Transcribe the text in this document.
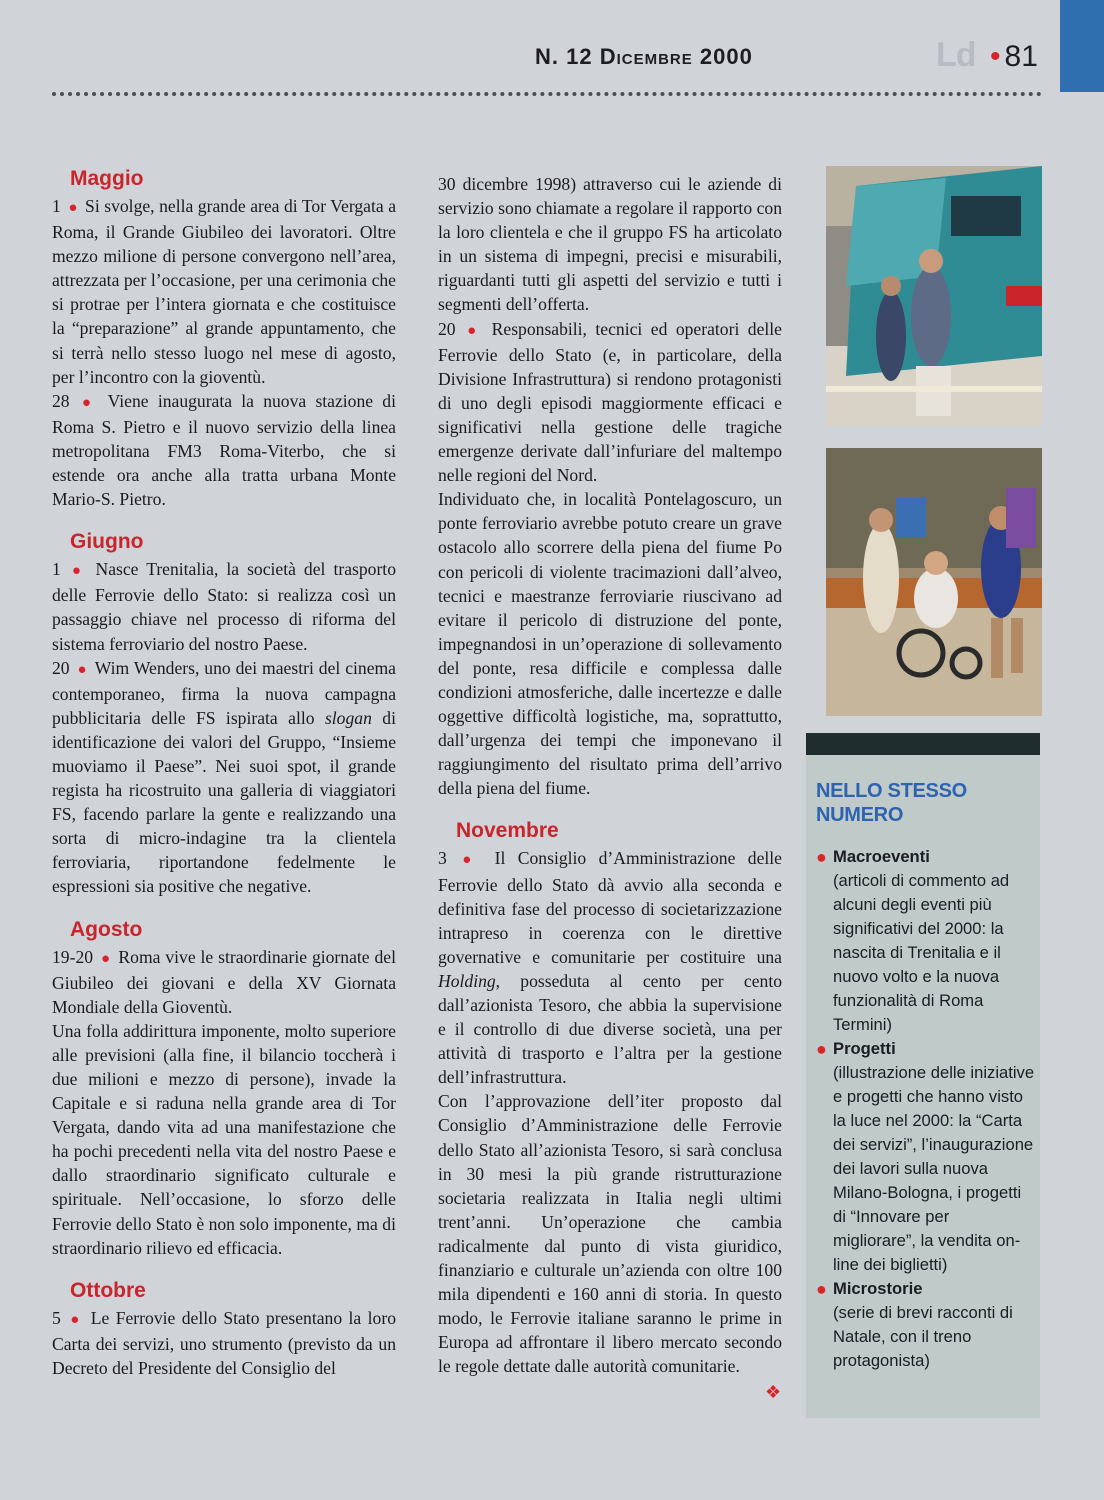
N. 12 Dicembre 2000	Ld • 81
Maggio

1 ● Si svolge, nella grande area di Tor Vergata a Roma, il Grande Giubileo dei lavoratori. Oltre mezzo milione di persone convergono nell’area, attrezzata per l’occasione, per una cerimonia che si protrae per l’intera giornata e che costituisce la “preparazione” al grande appuntamento, che si terrà nello stesso luogo nel mese di agosto, per l’incontro con la gioventù.

28 ● Viene inaugurata la nuova stazione di Roma S. Pietro e il nuovo servizio della linea metropolitana FM3 Roma-Viterbo, che si estende ora anche alla tratta urbana Monte Mario-S. Pietro.

Giugno

1 ● Nasce Trenitalia, la società del trasporto delle Ferrovie dello Stato: si realizza così un passaggio chiave nel processo di riforma del sistema ferroviario del nostro Paese.

20 ● Wim Wenders, uno dei maestri del cinema contemporaneo, firma la nuova campagna pubblicitaria delle FS ispirata allo slogan di identificazione dei valori del Gruppo, “Insieme muoviamo il Paese”. Nei suoi spot, il grande regista ha ricostruito una galleria di viaggiatori FS, facendo parlare la gente e realizzando una sorta di micro-indagine tra la clientela ferroviaria, riportandone fedelmente le espressioni sia positive che negative.

Agosto

19-20 ● Roma vive le straordinarie giornate del Giubileo dei giovani e della XV Giornata Mondiale della Gioventù.

Una folla addirittura imponente, molto superiore alle previsioni (alla fine, il bilancio toccherà i due milioni e mezzo di persone), invade la Capitale e si raduna nella grande area di Tor Vergata, dando vita ad una manifestazione che ha pochi precedenti nella vita del nostro Paese e dallo straordinario significato culturale e spirituale. Nell’occasione, lo sforzo delle Ferrovie dello Stato è non solo imponente, ma di straordinario rilievo ed efficacia.

Ottobre

5 ● Le Ferrovie dello Stato presentano la loro Carta dei servizi, uno strumento (previsto da un Decreto del Presidente del Consiglio del

30 dicembre 1998) attraverso cui le aziende di servizio sono chiamate a regolare il rapporto con la loro clientela e che il gruppo FS ha articolato in un sistema di impegni, precisi e misurabili, riguardanti tutti gli aspetti del servizio e tutti i segmenti dell’offerta.

20 ● Responsabili, tecnici ed operatori delle Ferrovie dello Stato (e, in particolare, della Divisione Infrastruttura) si rendono protagonisti di uno degli episodi maggiormente efficaci e significativi nella gestione delle tragiche emergenze derivate dall’infuriare del maltempo nelle regioni del Nord.

Individuato che, in località Pontelagoscuro, un ponte ferroviario avrebbe potuto creare un grave ostacolo allo scorrere della piena del fiume Po con pericoli di violente tracimazioni dall’alveo, tecnici e maestranze ferroviarie riuscivano ad evitare il pericolo di distruzione del ponte, impegnandosi in un’operazione di sollevamento del ponte, resa difficile e complessa dalle condizioni atmosferiche, dalle incertezze e dalle oggettive difficoltà logistiche, ma, soprattutto, dall’urgenza dei tempi che imponevano il raggiungimento del risultato prima dell’arrivo della piena del fiume.

Novembre

3 ● Il Consiglio d’Amministrazione delle Ferrovie dello Stato dà avvio alla seconda e definitiva fase del processo di societarizzazione intrapreso in coerenza con le direttive governative e comunitarie per costituire una Holding, posseduta al cento per cento dall’azionista Tesoro, che abbia la supervisione e il controllo di due diverse società, una per attività di trasporto e l’altra per la gestione dell’infrastruttura.

Con l’approvazione dell’iter proposto dal Consiglio d’Amministrazione delle Ferrovie dello Stato all’azionista Tesoro, si sarà conclusa in 30 mesi la più grande ristrutturazione societaria realizzata in Italia negli ultimi trent’anni. Un’operazione che cambia radicalmente dal punto di vista giuridico, finanziario e culturale un’azienda con oltre 100 mila dipendenti e 160 anni di storia. In questo modo, le Ferrovie italiane saranno le prime in Europa ad affrontare il libero mercato secondo le regole dettate dalle autorità comunitarie.

❖
NELLO STESSO NUMERO
● Macroeventi
(articoli di commento ad alcuni degli eventi più significativi del 2000: la nascita di Trenitalia e il nuovo volto e la nuova funzionalità di Roma Termini)
● Progetti
(illustrazione delle iniziative e progetti che hanno visto la luce nel 2000: la “Carta dei servizi”, l’inaugurazione dei lavori sulla nuova Milano-Bologna, i progetti di “Innovare per migliorare”, la vendita on-line dei biglietti)
● Microstorie
(serie di brevi racconti di Natale, con il treno protagonista)
